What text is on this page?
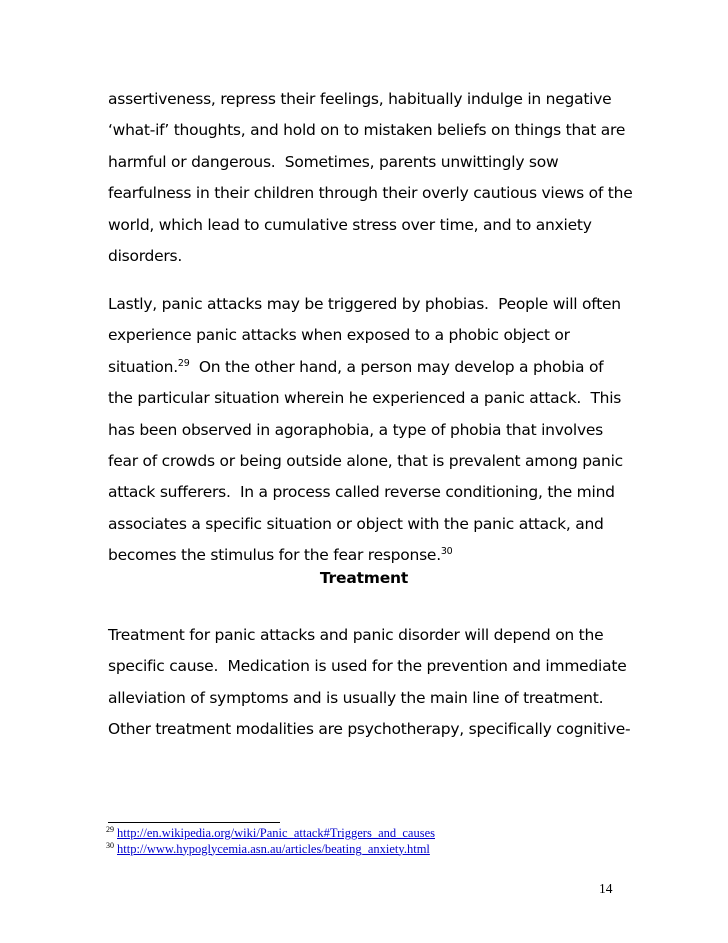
assertiveness, repress their feelings, habitually indulge in negative
‘what-if’ thoughts, and hold on to mistaken beliefs on things that are
harmful or dangerous.  Sometimes, parents unwittingly sow
fearfulness in their children through their overly cautious views of the
world, which lead to cumulative stress over time, and to anxiety
disorders.
Lastly, panic attacks may be triggered by phobias.  People will often
experience panic attacks when exposed to a phobic object or
situation.$^{29}$  On the other hand, a person may develop a phobia of
the particular situation wherein he experienced a panic attack.  This
has been observed in agoraphobia, a type of phobia that involves
fear of crowds or being outside alone, that is prevalent among panic
attack sufferers.  In a process called reverse conditioning, the mind
associates a specific situation or object with the panic attack, and
becomes the stimulus for the fear response.$^{30}$
Treatment
Treatment for panic attacks and panic disorder will depend on the
specific cause.  Medication is used for the prevention and immediate
alleviation of symptoms and is usually the main line of treatment.
Other treatment modalities are psychotherapy, specifically cognitive-
$^{29}$ http://en.wikipedia.org/wiki/Panic_attack#Triggers_and_causes
$^{30}$ http://www.hypoglycemia.asn.au/articles/beating_anxiety.html
14
